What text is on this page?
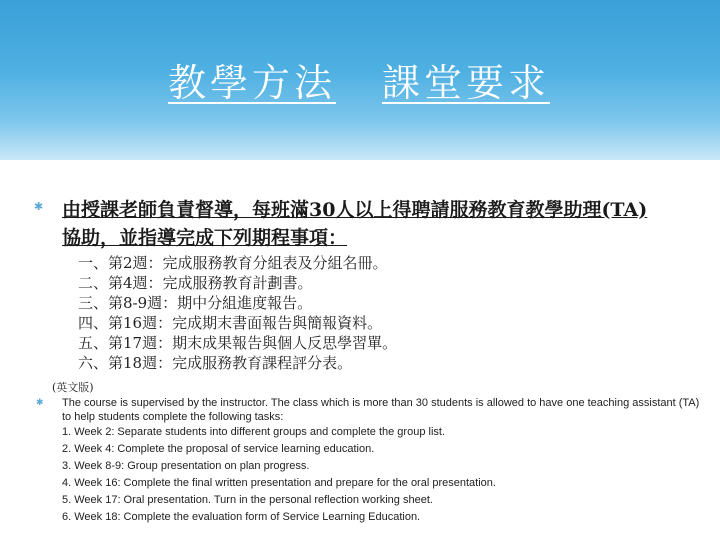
教學方法 課堂要求
✱ 由授課老師負責督導，每班滿30人以上得聘請服務教育教學助理(TA)協助，並指導完成下列期程事項：
一、第2週：完成服務教育分組表及分組名冊。
二、第4週：完成服務教育計劃書。
三、第8-9週：期中分組進度報告。
四、第16週：完成期末書面報告與簡報資料。
五、第17週：期末成果報告與個人反思學習單。
六、第18週：完成服務教育課程評分表。
(英文版)
✱ The course is supervised by the instructor. The class which is more than 30 students is allowed to have one teaching assistant (TA) to help students complete the following tasks:
1. Week 2: Separate students into different groups and complete the group list.
2. Week 4: Complete the proposal of service learning education.
3. Week 8-9: Group presentation on plan progress.
4. Week 16: Complete the final written presentation and prepare for the oral presentation.
5. Week 17: Oral presentation. Turn in the personal reflection working sheet.
6. Week 18: Complete the evaluation form of Service Learning Education.
